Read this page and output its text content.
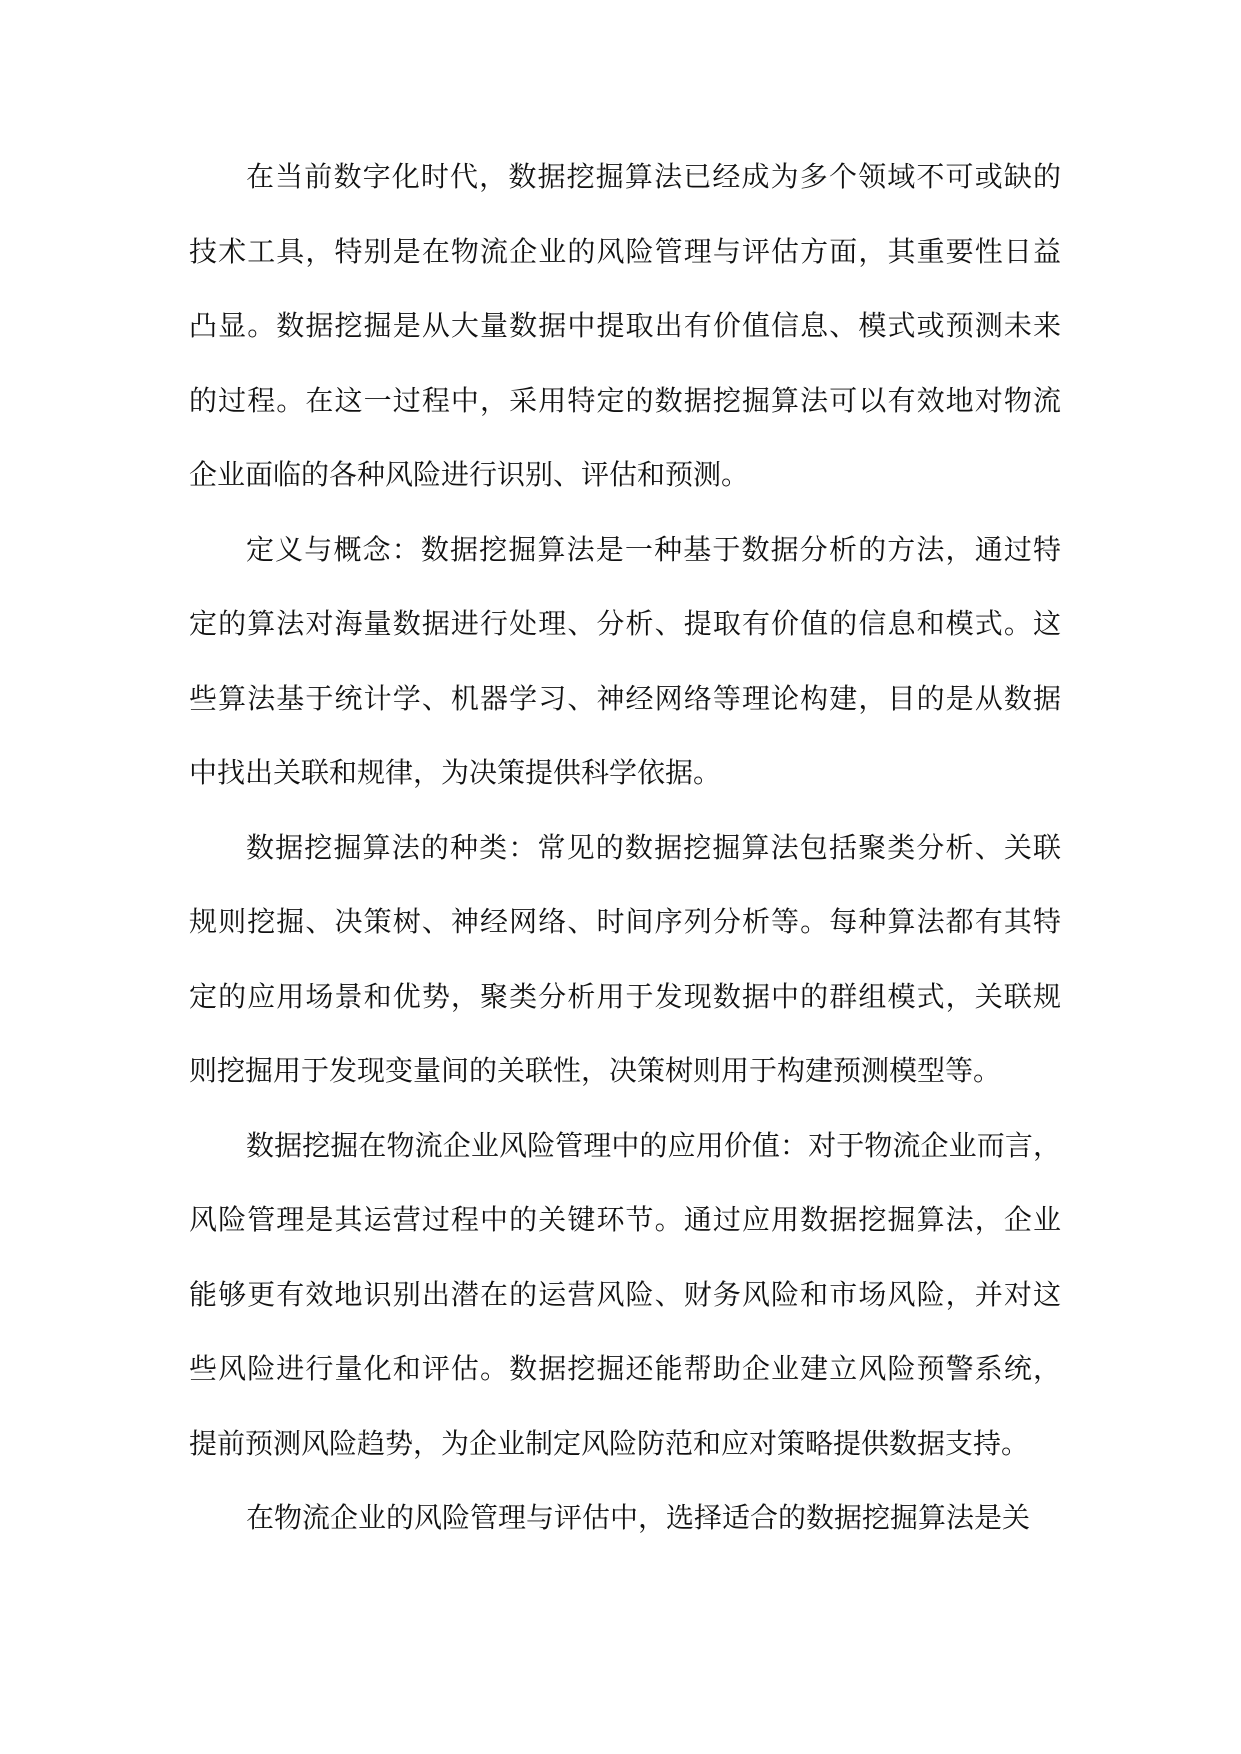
在当前数字化时代，数据挖掘算法已经成为多个领域不可或缺的
技术工具，特别是在物流企业的风险管理与评估方面，其重要性日益
凸显。数据挖掘是从大量数据中提取出有价值信息、模式或预测未来
的过程。在这一过程中，采用特定的数据挖掘算法可以有效地对物流
企业面临的各种风险进行识别、评估和预测。
定义与概念：数据挖掘算法是一种基于数据分析的方法，通过特
定的算法对海量数据进行处理、分析、提取有价值的信息和模式。这
些算法基于统计学、机器学习、神经网络等理论构建，目的是从数据
中找出关联和规律，为决策提供科学依据。
数据挖掘算法的种类：常见的数据挖掘算法包括聚类分析、关联
规则挖掘、决策树、神经网络、时间序列分析等。每种算法都有其特
定的应用场景和优势，聚类分析用于发现数据中的群组模式，关联规
则挖掘用于发现变量间的关联性，决策树则用于构建预测模型等。
数据挖掘在物流企业风险管理中的应用价值：对于物流企业而言，
风险管理是其运营过程中的关键环节。通过应用数据挖掘算法，企业
能够更有效地识别出潜在的运营风险、财务风险和市场风险，并对这
些风险进行量化和评估。数据挖掘还能帮助企业建立风险预警系统，
提前预测风险趋势，为企业制定风险防范和应对策略提供数据支持。
在物流企业的风险管理与评估中，选择适合的数据挖掘算法是关
